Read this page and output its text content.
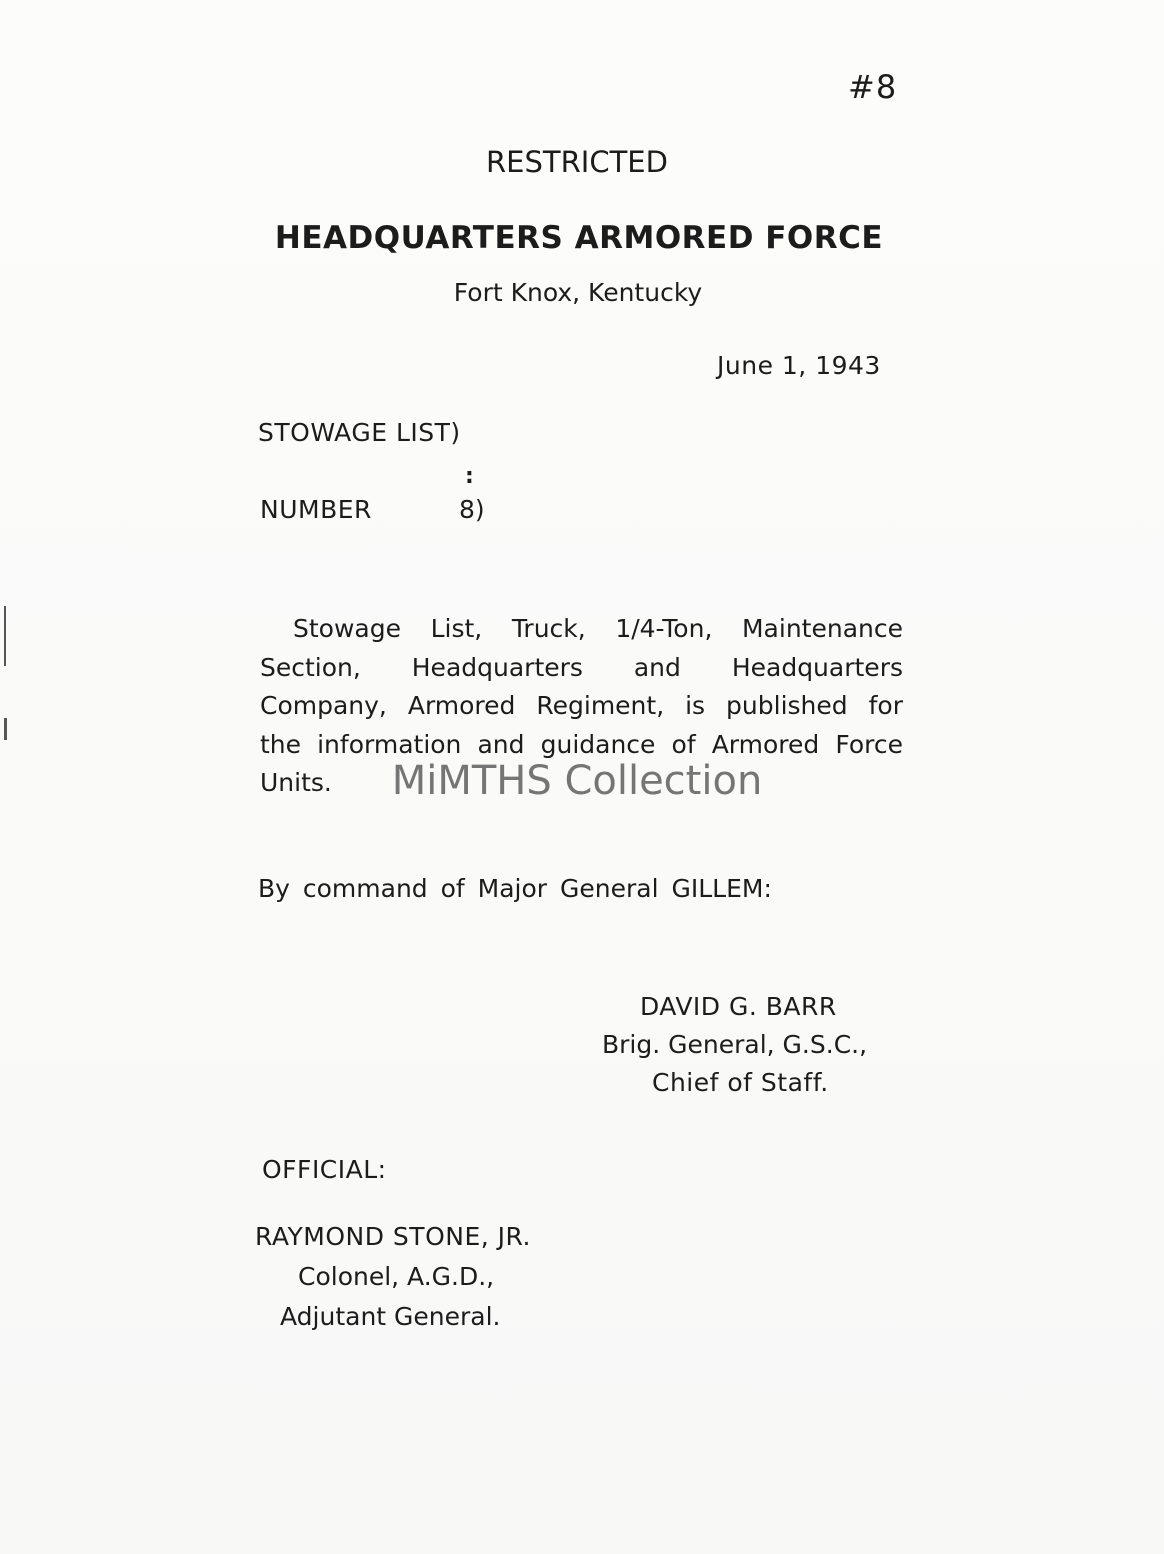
#8
RESTRICTED
HEADQUARTERS ARMORED FORCE
Fort Knox, Kentucky
June 1, 1943
STOWAGE LIST)
:
NUMBER	8)
Stowage List, Truck, 1/4-Ton, Maintenance Section, Headquarters and Headquarters Company, Armored Regiment, is published for the information and guidance of Armored Force Units.	MiMTHS Collection
By command of Major General GILLEM:
DAVID G. BARR
Brig. General, G.S.C.,
Chief of Staff.
OFFICIAL:
RAYMOND STONE, JR.
Colonel, A.G.D.,
Adjutant General.
